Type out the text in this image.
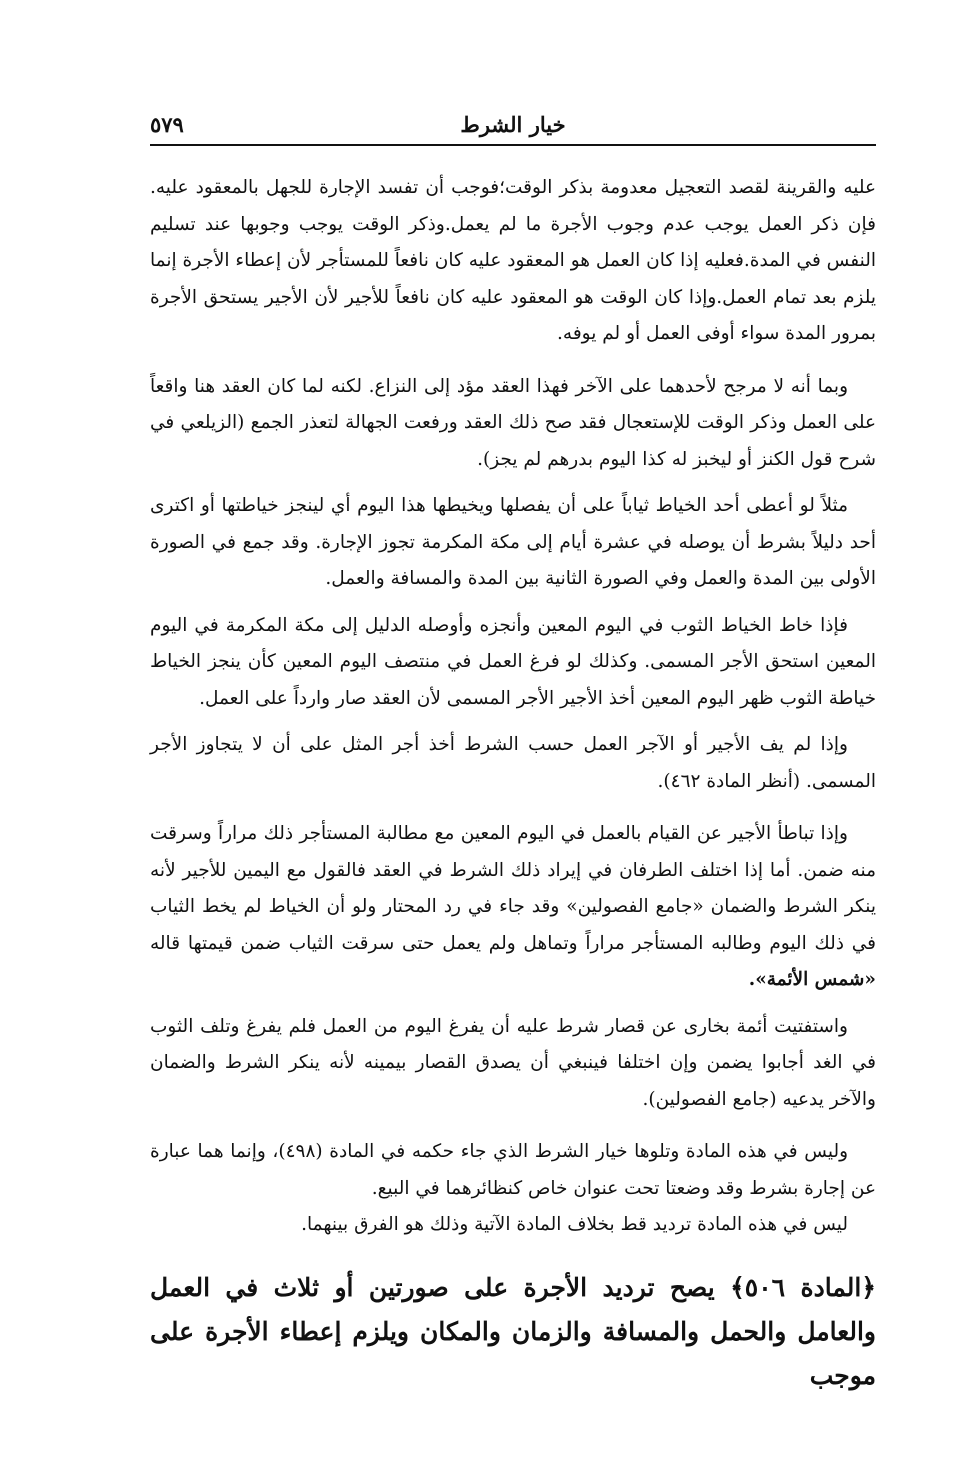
خيار الشرط
٥٧٩

عليه والقرينة لقصد التعجيل معدومة بذكر الوقت؛فوجب أن تفسد الإجارة للجهل بالمعقود عليه. فإن ذكر العمل يوجب عدم وجوب الأجرة ما لم يعمل.وذكر الوقت يوجب وجوبها عند تسليم النفس في المدة.فعليه إذا كان العمل هو المعقود عليه كان نافعاً للمستأجر لأن إعطاء الأجرة إنما يلزم بعد تمام العمل.وإذا كان الوقت هو المعقود عليه كان نافعاً للأجير لأن الأجير يستحق الأجرة بمرور المدة سواء أوفى العمل أو لم يوفه.

وبما أنه لا مرجح لأحدهما على الآخر فهذا العقد مؤد إلى النزاع. لكنه لما كان العقد هنا واقعاً على العمل وذكر الوقت للإستعجال فقد صح ذلك العقد ورفعت الجهالة لتعذر الجمع (الزيلعي في شرح قول الكنز أو ليخبز له كذا اليوم بدرهم لم يجز).

مثلاً لو أعطى أحد الخياط ثياباً على أن يفصلها ويخيطها هذا اليوم أي لينجز خياطتها أو اكترى أحد دليلاً بشرط أن يوصله في عشرة أيام إلى مكة المكرمة تجوز الإجارة. وقد جمع في الصورة الأولى بين المدة والعمل وفي الصورة الثانية بين المدة والمسافة والعمل.

فإذا خاط الخياط الثوب في اليوم المعين وأنجزه وأوصله الدليل إلى مكة المكرمة في اليوم المعين استحق الأجر المسمى. وكذلك لو فرغ العمل في منتصف اليوم المعين كأن ينجز الخياط خياطة الثوب ظهر اليوم المعين أخذ الأجير الأجر المسمى لأن العقد صار وارداً على العمل.

وإذا لم يف الأجير أو الآجر العمل حسب الشرط أخذ أجر المثل على أن لا يتجاوز الأجر المسمى. (أنظر المادة ٤٦٢).

وإذا تباطأ الأجير عن القيام بالعمل في اليوم المعين مع مطالبة المستأجر ذلك مراراً وسرقت منه ضمن. أما إذا اختلف الطرفان في إيراد ذلك الشرط في العقد فالقول مع اليمين للأجير لأنه ينكر الشرط والضمان «جامع الفصولين» وقد جاء في رد المحتار ولو أن الخياط لم يخط الثياب في ذلك اليوم وطالبه المستأجر مراراً وتماهل ولم يعمل حتى سرقت الثياب ضمن قيمتها قاله «شمس الأئمة».

واستفتيت أئمة بخارى عن قصار شرط عليه أن يفرغ اليوم من العمل فلم يفرغ وتلف الثوب في الغد أجابوا يضمن وإن اختلفا فينبغي أن يصدق القصار بيمينه لأنه ينكر الشرط والضمان والآخر يدعيه (جامع الفصولين).

وليس في هذه المادة وتلوها خيار الشرط الذي جاء حكمه في المادة (٤٩٨)، وإنما هما عبارة عن إجارة بشرط وقد وضعتا تحت عنوان خاص كنظائرهما في البيع.

ليس في هذه المادة ترديد قط بخلاف المادة الآتية وذلك هو الفرق بينهما.

﴿المادة ٥٠٦﴾ يصح ترديد الأجرة على صورتين أو ثلاث في العمل والعامل والحمل والمسافة والزمان والمكان ويلزم إعطاء الأجرة على موجب
